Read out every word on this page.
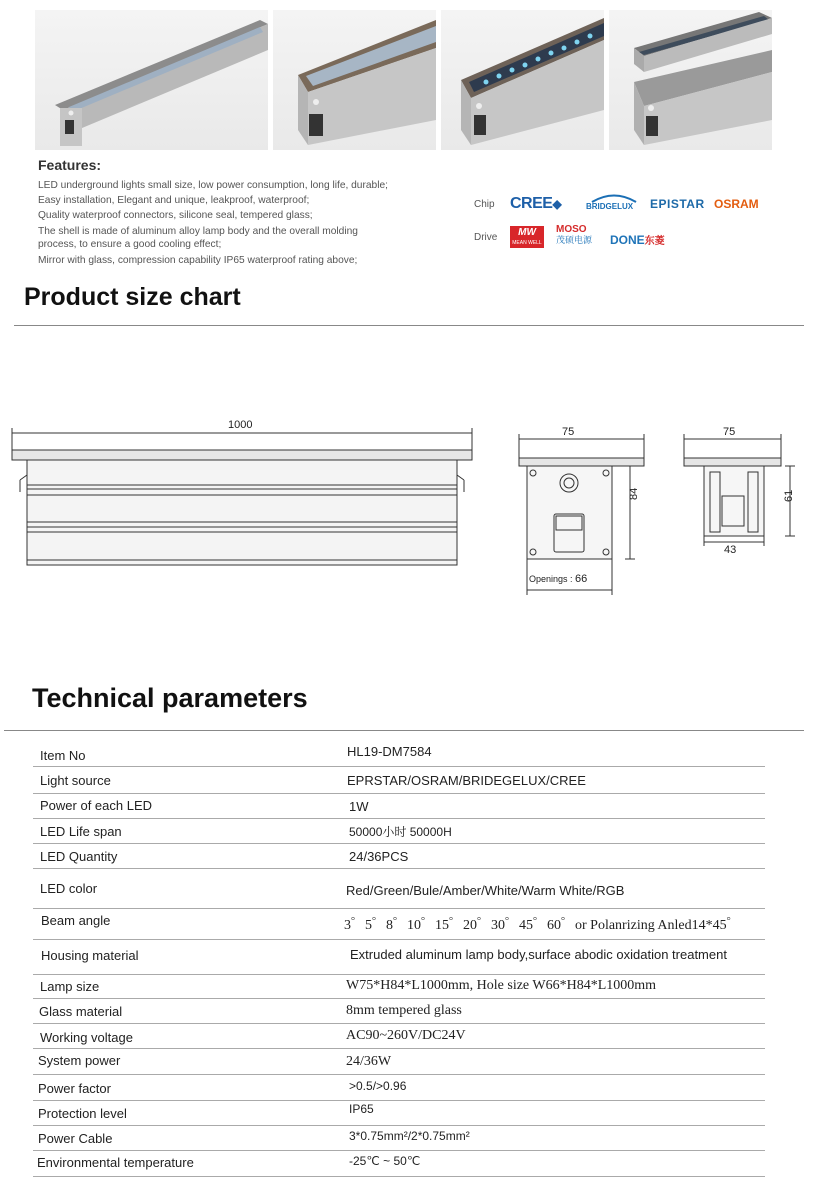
Features:
LED underground lights small size, low power consumption, long life, durable;
Easy installation, Elegant and unique, leakproof, waterproof;
Quality waterproof connectors, silicone seal, tempered glass;
The shell is made of aluminum alloy lamp body and the overall molding
process, to ensure a good cooling effect;
Mirror with glass, compression capability IP65 waterproof rating above;
Chip
Drive
CREE◆	BRIDGELUX	EPISTAR OSRAM
MW
MEAN WELL
MOSO
茂硕电源	DONE东菱
Product size chart
1000
75
84
Openings : 66
75
61
43
Technical parameters
Item No	HL19-DM7584
Light source	EPRSTAR/OSRAM/BRIDEGELUX/CREE
Power of each LED	1W
LED Life span	50000小时 50000H
LED Quantity	24/36PCS
LED color	Red/Green/Bule/Amber/White/Warm White/RGB
Beam angle	3゜5゜8゜10゜15゜20゜30゜45゜60゜or Polanrizing Anled14*45゜
Housing material	Extruded aluminum lamp body,surface abodic oxidation treatment
Lamp size	W75*H84*L1000mm, Hole size W66*H84*L1000mm
Glass material	8mm tempered glass
Working voltage	AC90~260V/DC24V
System power	24/36W
Power factor	>0.5/>0.96
Protection level	IP65
Power Cable	3*0.75mm²/2*0.75mm²
Environmental temperature	-25℃ ~ 50℃
